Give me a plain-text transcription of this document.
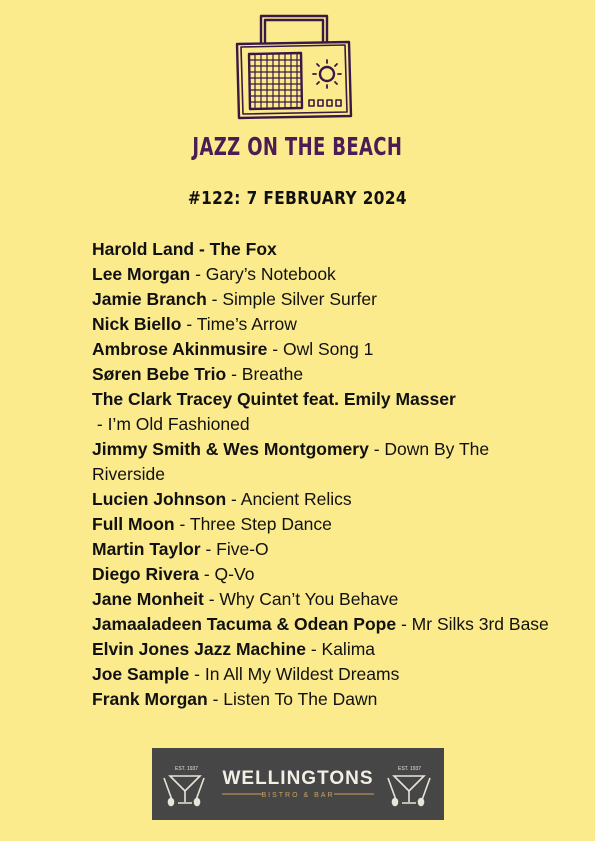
JAZZ ON THE BEACH
#122: 7 FEBRUARY 2024
Harold Land - The Fox
Lee Morgan - Gary’s Notebook
Jamie Branch - Simple Silver Surfer
Nick Biello - Time’s Arrow
Ambrose Akinmusire - Owl Song 1
Søren Bebe Trio - Breathe
The Clark Tracey Quintet feat. Emily Masser
- I’m Old Fashioned
Jimmy Smith & Wes Montgomery - Down By The Riverside
Lucien Johnson - Ancient Relics
Full Moon - Three Step Dance
Martin Taylor - Five-O
Diego Rivera - Q-Vo
Jane Monheit - Why Can’t You Behave
Jamaaladeen Tacuma & Odean Pope - Mr Silks 3rd Base
Elvin Jones Jazz Machine - Kalima
Joe Sample - In All My Wildest Dreams
Frank Morgan - Listen To The Dawn
EST. 1937	EST. 1937
WELLINGTONS
BISTRO & BAR
